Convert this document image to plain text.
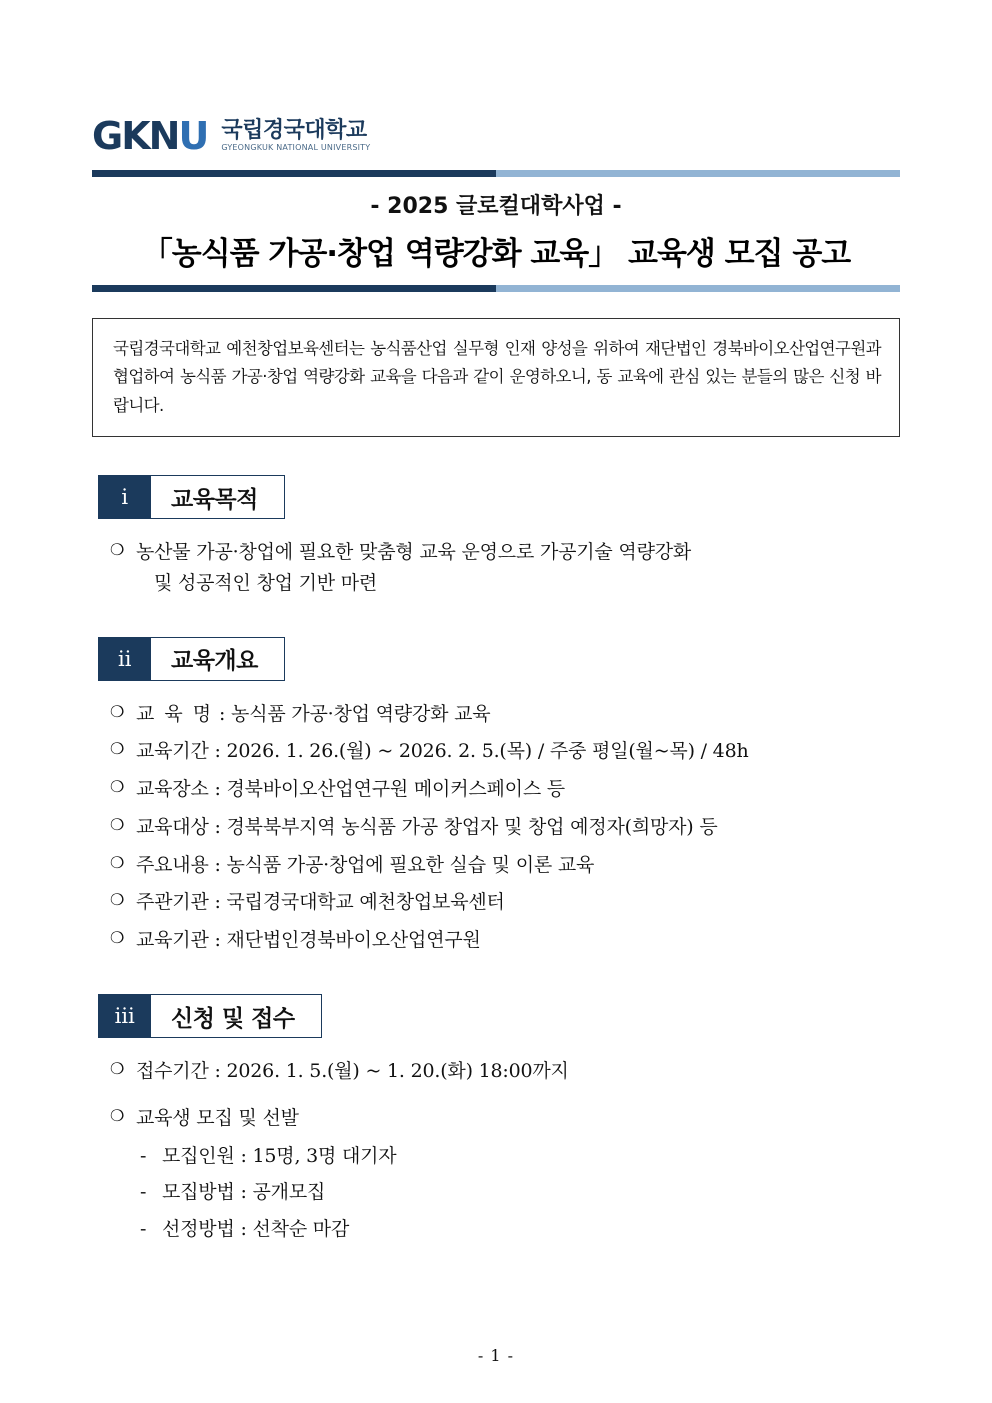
GKNU 국립경국대학교
GYEONGKUK NATIONAL UNIVERSITY
- 2025 글로컬대학사업 -
「농식품 가공·창업 역량강화 교육」 교육생 모집 공고

국립경국대학교 예천창업보육센터는 농식품산업 실무형 인재 양성을 위하여 재단법인 경북바이오산업연구원과 협업하여 농식품 가공·창업 역량강화 교육을 다음과 같이 운영하오니, 동 교육에 관심 있는 분들의 많은 신청 바랍니다.

ⅰ	교육목적
❍ 농산물 가공·창업에 필요한 맞춤형 교육 운영으로 가공기술 역량강화
및 성공적인 창업 기반 마련
ⅱ	교육개요
❍ 교 육 명 : 농식품 가공·창업 역량강화 교육
❍ 교육기간 : 2026. 1. 26.(월) ~ 2026. 2. 5.(목) / 주중 평일(월~목) / 48h
❍ 교육장소 : 경북바이오산업연구원 메이커스페이스 등
❍ 교육대상 : 경북북부지역 농식품 가공 창업자 및 창업 예정자(희망자) 등
❍ 주요내용 : 농식품 가공·창업에 필요한 실습 및 이론 교육
❍ 주관기관 : 국립경국대학교 예천창업보육센터
❍ 교육기관 : 재단법인경북바이오산업연구원
ⅲ	신청 및 접수
❍ 접수기간 : 2026. 1. 5.(월) ~ 1. 20.(화) 18:00까지
❍ 교육생 모집 및 선발
- 모집인원 : 15명, 3명 대기자
- 모집방법 : 공개모집
- 선정방법 : 선착순 마감
- 1 -
